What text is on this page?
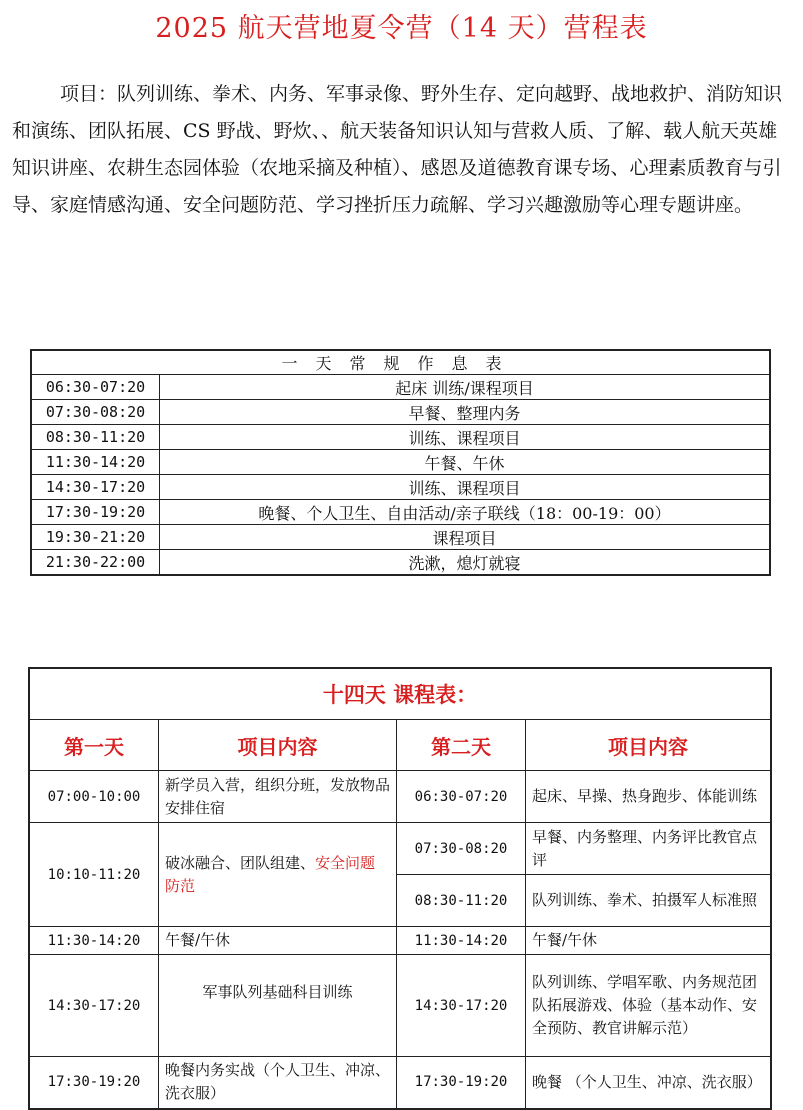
2025 航天营地夏令营（14 天）营程表
项目：队列训练、拳术、内务、军事录像、野外生存、定向越野、战地救护、消防知识和演练、团队拓展、CS 野战、野炊、、航天装备知识认知与营救人质、了解、载人航天英雄知识讲座、农耕生态园体验（农地采摘及种植）、感恩及道德教育课专场、心理素质教育与引导、家庭情感沟通、安全问题防范、学习挫折压力疏解、学习兴趣激励等心理专题讲座。
一天常规作息表	
06:30-07:20	起床 训练/课程项目
07:30-08:20	早餐、整理内务
08:30-11:20	训练、课程项目
11:30-14:20	午餐、午休
14:30-17:20	训练、课程项目
17:30-19:20	晚餐、个人卫生、自由活动/亲子联线（18：00-19：00）
19:30-21:20	课程项目
21:30-22:00	洗漱，熄灯就寝
十四天 课程表：			
第一天	项目内容	第二天	项目内容
07:00-10:00	新学员入营，组织分班，发放物品安排住宿	06:30-07:20	起床、早操、热身跑步、体能训练
10:10-11:20	破冰融合、团队组建、安全问题防范	07:30-08:20	早餐、内务整理、内务评比教官点评
		08:30-11:20	队列训练、拳术、拍摄军人标准照
11:30-14:20	午餐/午休	11:30-14:20	午餐/午休
14:30-17:20	军事队列基础科目训练	14:30-17:20	队列训练、学唱军歌、内务规范团队拓展游戏、体验（基本动作、安全预防、教官讲解示范）
17:30-19:20	晚餐内务实战（个人卫生、冲凉、洗衣服）	17:30-19:20	晚餐 （个人卫生、冲凉、洗衣服）
